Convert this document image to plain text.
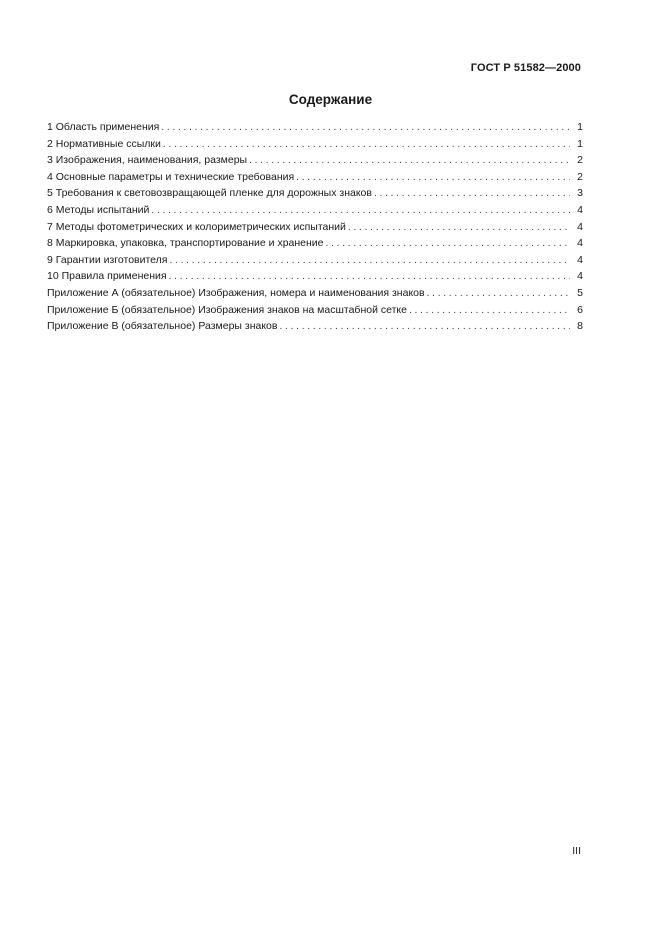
ГОСТ Р 51582—2000
Содержание
1 Область применения . . .	1
2 Нормативные ссылки . . .	1
3 Изображения, наименования, размеры . . .	2
4 Основные параметры и технические требования . . .	2
5 Требования к световозвращающей пленке для дорожных знаков . . .	3
6 Методы испытаний . . .	4
7 Методы фотометрических и колориметрических испытаний . . .	4
8 Маркировка, упаковка, транспортирование и хранение . . .	4
9 Гарантии изготовителя . . .	4
10 Правила применения . . .	4
Приложение А (обязательное) Изображения, номера и наименования знаков . . .	5
Приложение Б (обязательное) Изображения знаков на масштабной сетке . . .	6
Приложение В (обязательное) Размеры знаков . . .	8
III
